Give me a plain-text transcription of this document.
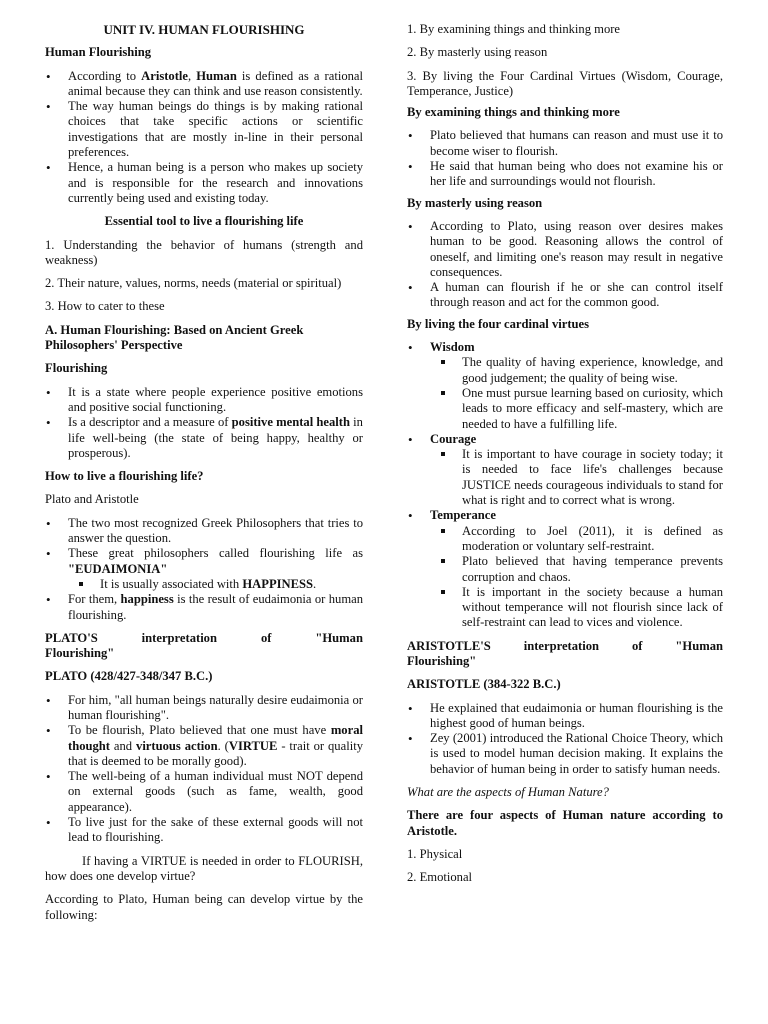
UNIT IV. HUMAN FLOURISHING

Human Flourishing

• According to Aristotle, Human is defined as a rational animal because they can think and use reason consistently.
• The way human beings do things is by making rational choices that take specific actions or scientific investigations that are mostly in-line in their personal preferences.
• Hence, a human being is a person who makes up society and is responsible for the research and innovations currently being used and existing today.

Essential tool to live a flourishing life

1. Understanding the behavior of humans (strength and weakness)

2. Their nature, values, norms, needs (material or spiritual)

3. How to cater to these

A. Human Flourishing: Based on Ancient Greek Philosophers' Perspective

Flourishing

• It is a state where people experience positive emotions and positive social functioning.
• Is a descriptor and a measure of positive mental health in life well-being (the state of being happy, healthy or prosperous).

How to live a flourishing life?

Plato and Aristotle

• The two most recognized Greek Philosophers that tries to answer the question.
• These great philosophers called flourishing life as "EUDAIMONIA"
It is usually associated with HAPPINESS.
• For them, happiness is the result of eudaimonia or human flourishing.
PLATO'S	interpretation	of	"Human
Flourishing"

PLATO (428/427-348/347 B.C.)

• For him, "all human beings naturally desire eudaimonia or human flourishing".
• To be flourish, Plato believed that one must have moral thought and virtuous action. (VIRTUE - trait or quality that is deemed to be morally good).
• The well-being of a human individual must NOT depend on external goods (such as fame, wealth, good appearance).
• To live just for the sake of these external goods will not lead to flourishing.

If having a VIRTUE is needed in order to FLOURISH, how does one develop virtue?

According to Plato, Human being can develop virtue by the following:

1. By examining things and thinking more

2. By masterly using reason

3. By living the Four Cardinal Virtues (Wisdom, Courage, Temperance, Justice)

By examining things and thinking more

• Plato believed that humans can reason and must use it to become wiser to flourish.
• He said that human being who does not examine his or her life and surroundings would not flourish.

By masterly using reason

• According to Plato, using reason over desires makes human to be good. Reasoning allows the control of oneself, and limiting one's reason may result in negative consequences.
• A human can flourish if he or she can control itself through reason and act for the common good.

By living the four cardinal virtues

• Wisdom
The quality of having experience, knowledge, and good judgement; the quality of being wise.
One must pursue learning based on curiosity, which leads to more efficacy and self-mastery, which are needed to have a fulfilling life.
• Courage
It is important to have courage in society today; it is needed to face life's challenges because JUSTICE needs courageous individuals to stand for what is right and to correct what is wrong.
• Temperance
According to Joel (2011), it is defined as moderation or voluntary self-restraint.
Plato believed that having temperance prevents corruption and chaos.
It is important in the society because a human without temperance will not flourish since lack of self-restraint can lead to vices and violence.
ARISTOTLE'S	interpretation	of	"Human
Flourishing"

ARISTOTLE (384-322 B.C.)

• He explained that eudaimonia or human flourishing is the highest good of human beings.
• Zey (2001) introduced the Rational Choice Theory, which is used to model human decision making. It explains the behavior of human being in order to satisfy human needs.

What are the aspects of Human Nature?

There are four aspects of Human nature according to Aristotle.

1. Physical

2. Emotional
